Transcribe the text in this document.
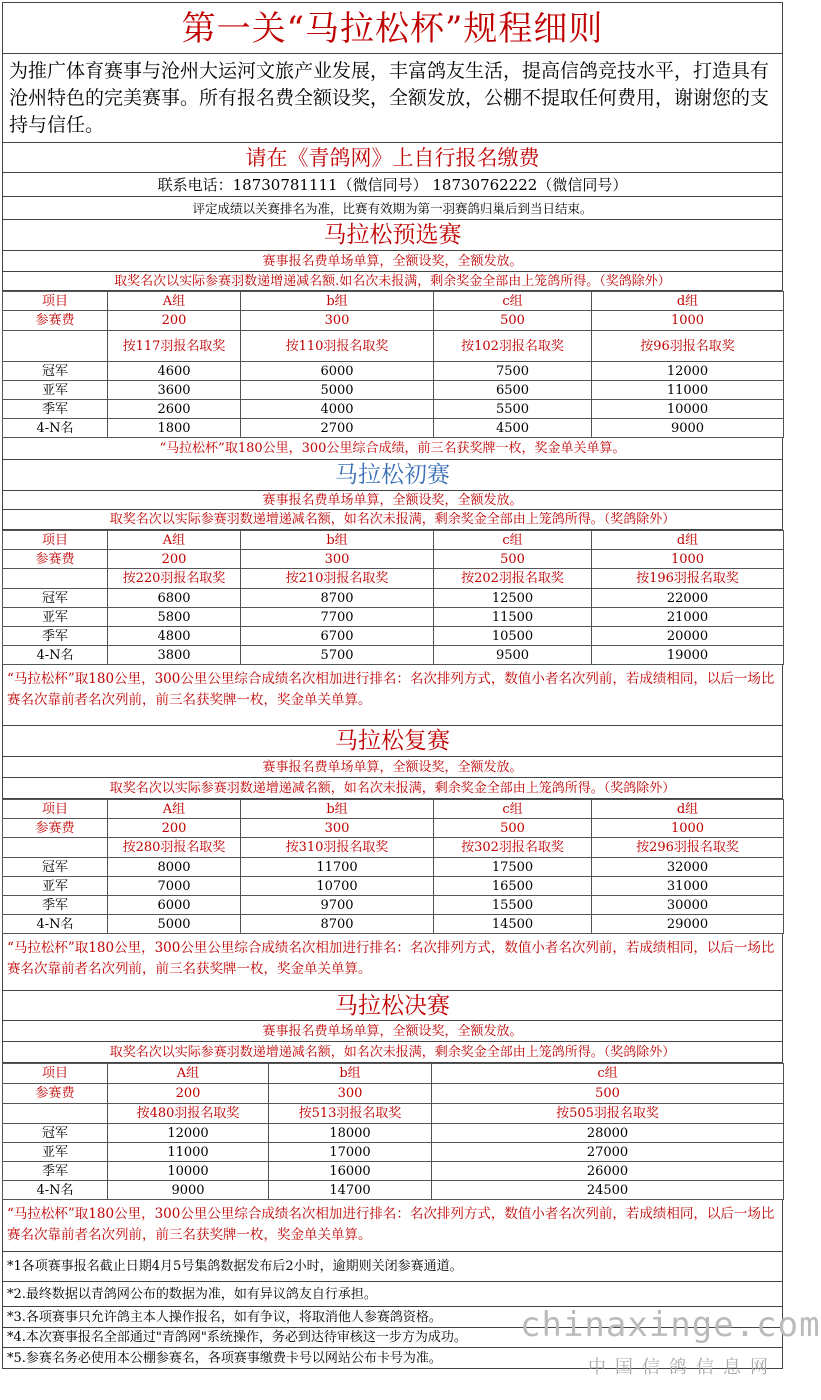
第一关“马拉松杯”规程细则
为推广体育赛事与沧州大运河文旅产业发展，丰富鸽友生活，提高信鸽竞技水平，打造具有沧州特色的完美赛事。所有报名费全额设奖，全额发放，公棚不提取任何费用，谢谢您的支持与信任。
请在《青鸽网》上自行报名缴费
联系电话：18730781111（微信同号） 18730762222（微信同号）
评定成绩以关赛排名为准，比赛有效期为第一羽赛鸽归巢后到当日结束。
马拉松预选赛
赛事报名费单场单算，全额设奖，全额发放。
取奖名次以实际参赛羽数递增递减名额.如名次未报满，剩余奖金全部由上笼鸽所得。（奖鸽除外）
项目	A组	b组	c组	d组
参赛费	200	300	500	1000
	按117羽报名取奖	按110羽报名取奖	按102羽报名取奖	按96羽报名取奖
冠军	4600	6000	7500	12000
亚军	3600	5000	6500	11000
季军	2600	4000	5500	10000
4-N名	1800	2700	4500	9000
“马拉松杯”取180公里，300公里综合成绩，前三名获奖牌一枚，奖金单关单算。
马拉松初赛
赛事报名费单场单算，全额设奖，全额发放。
取奖名次以实际参赛羽数递增递减名额，如名次未报满，剩余奖金全部由上笼鸽所得。（奖鸽除外）
项目	A组	b组	c组	d组
参赛费	200	300	500	1000
	按220羽报名取奖	按210羽报名取奖	按202羽报名取奖	按196羽报名取奖
冠军	6800	8700	12500	22000
亚军	5800	7700	11500	21000
季军	4800	6700	10500	20000
4-N名	3800	5700	9500	19000
“马拉松杯”取180公里，300公里公里综合成绩名次相加进行排名：名次排列方式，数值小者名次列前，若成绩相同，以后一场比赛名次靠前者名次列前，前三名获奖牌一枚，奖金单关单算。
马拉松复赛
赛事报名费单场单算，全额设奖，全额发放。
取奖名次以实际参赛羽数递增递减名额，如名次未报满，剩余奖金全部由上笼鸽所得。（奖鸽除外）
项目	A组	b组	c组	d组
参赛费	200	300	500	1000
	按280羽报名取奖	按310羽报名取奖	按302羽报名取奖	按296羽报名取奖
冠军	8000	11700	17500	32000
亚军	7000	10700	16500	31000
季军	6000	9700	15500	30000
4-N名	5000	8700	14500	29000
“马拉松杯”取180公里，300公里公里综合成绩名次相加进行排名：名次排列方式，数值小者名次列前，若成绩相同，以后一场比赛名次靠前者名次列前，前三名获奖牌一枚，奖金单关单算。
马拉松决赛
赛事报名费单场单算，全额设奖，全额发放。
取奖名次以实际参赛羽数递增递减名额，如名次未报满，剩余奖金全部由上笼鸽所得。（奖鸽除外）
项目	A组	b组	c组
参赛费	200	300	500
	按480羽报名取奖	按513羽报名取奖	按505羽报名取奖
冠军	12000	18000	28000
亚军	11000	17000	27000
季军	10000	16000	26000
4-N名	9000	14700	24500
“马拉松杯”取180公里，300公里公里综合成绩名次相加进行排名：名次排列方式，数值小者名次列前，若成绩相同，以后一场比赛名次靠前者名次列前，前三名获奖牌一枚，奖金单关单算。
*1各项赛事报名截止日期4月5号集鸽数据发布后2小时，逾期则关闭参赛通道。
*2.最终数据以青鸽网公布的数据为准，如有异议鸽友自行承担。
*3.各项赛事只允许鸽主本人操作报名，如有争议，将取消他人参赛鸽资格。
*4.本次赛事报名全部通过"青鸽网"系统操作，务必到达待审核这一步方为成功。
*5.参赛名务必使用本公棚参赛名，各项赛事缴费卡号以网站公布卡号为准。
chinaxinge.com
中国信鸽信息网
